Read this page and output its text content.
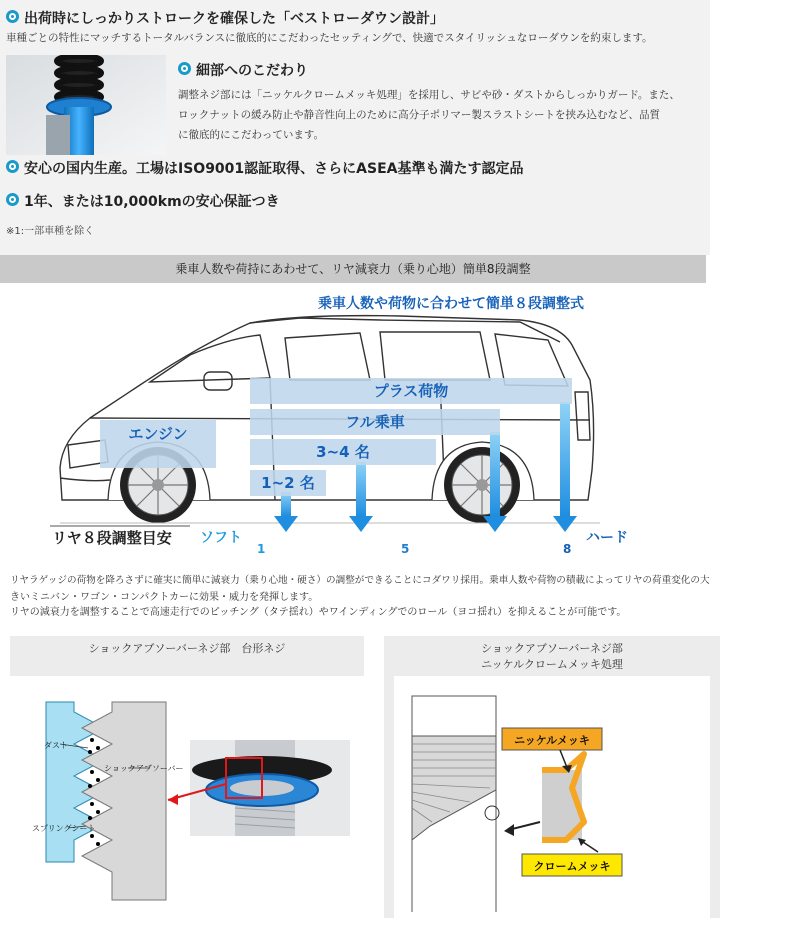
出荷時にしっかりストロークを確保した「ベストローダウン設計」
車種ごとの特性にマッチするトータルバランスに徹底的にこだわったセッティングで、快適でスタイリッシュなローダウンを約束します。
細部へのこだわり
調整ネジ部には「ニッケルクロームメッキ処理」を採用し、サビや砂・ダストからしっかりガード。また、
ロックナットの緩み防止や静音性向上のために高分子ポリマー製スラストシートを挟み込むなど、品質
に徹底的にこだわっています。
安心の国内生産。工場はISO9001認証取得、さらにASEA基準も満たす認定品
1年、または10,000kmの安心保証つき
※1:一部車種を除く
乗車人数や荷持にあわせて、リヤ減衰力（乗り心地）簡単8段調整
乗車人数や荷物に合わせて簡単８段調整式
エンジン
プラス荷物
フル乗車
3~4 名
1~2 名
リヤ８段調整目安 ソフト	ハード
1	5	8
リヤラゲッジの荷物を降ろさずに確実に簡単に減衰力（乗り心地・硬さ）の調整ができることにコダワリ採用。乗車人数や荷物の積載によってリヤの荷重変化の大
きいミニバン・ワゴン・コンパクトカーに効果・威力を発揮します。
リヤの減衰力を調整することで高速走行でのピッチング（タテ揺れ）やワインディングでのロール（ヨコ揺れ）を抑えることが可能です。
ショックアブソーバーネジ部　台形ネジ	ショックアブソーバーネジ部
ニッケルクロームメッキ処理
ダスト
ショックアブソーバー
スプリングシート
ニッケルメッキ
クロームメッキ
